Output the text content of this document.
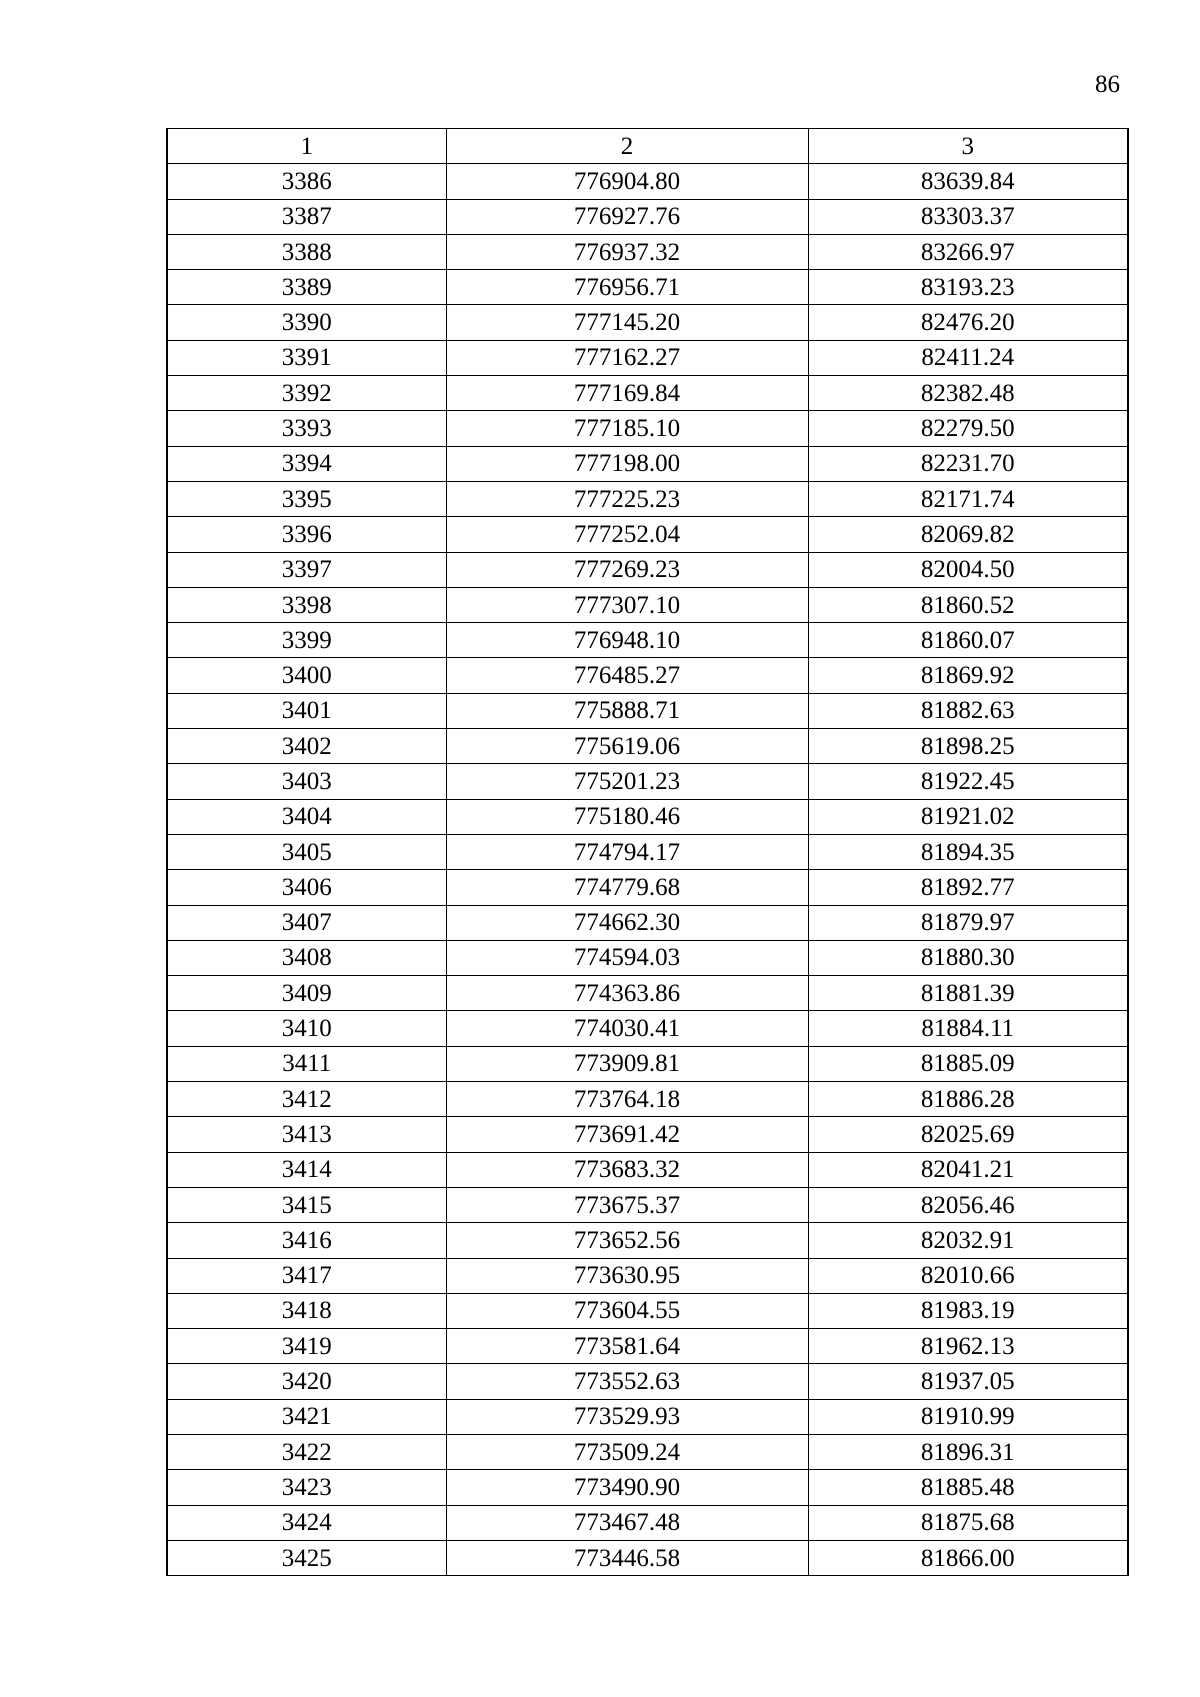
86
1	2	3
3386	776904.80	83639.84
3387	776927.76	83303.37
3388	776937.32	83266.97
3389	776956.71	83193.23
3390	777145.20	82476.20
3391	777162.27	82411.24
3392	777169.84	82382.48
3393	777185.10	82279.50
3394	777198.00	82231.70
3395	777225.23	82171.74
3396	777252.04	82069.82
3397	777269.23	82004.50
3398	777307.10	81860.52
3399	776948.10	81860.07
3400	776485.27	81869.92
3401	775888.71	81882.63
3402	775619.06	81898.25
3403	775201.23	81922.45
3404	775180.46	81921.02
3405	774794.17	81894.35
3406	774779.68	81892.77
3407	774662.30	81879.97
3408	774594.03	81880.30
3409	774363.86	81881.39
3410	774030.41	81884.11
3411	773909.81	81885.09
3412	773764.18	81886.28
3413	773691.42	82025.69
3414	773683.32	82041.21
3415	773675.37	82056.46
3416	773652.56	82032.91
3417	773630.95	82010.66
3418	773604.55	81983.19
3419	773581.64	81962.13
3420	773552.63	81937.05
3421	773529.93	81910.99
3422	773509.24	81896.31
3423	773490.90	81885.48
3424	773467.48	81875.68
3425	773446.58	81866.00
